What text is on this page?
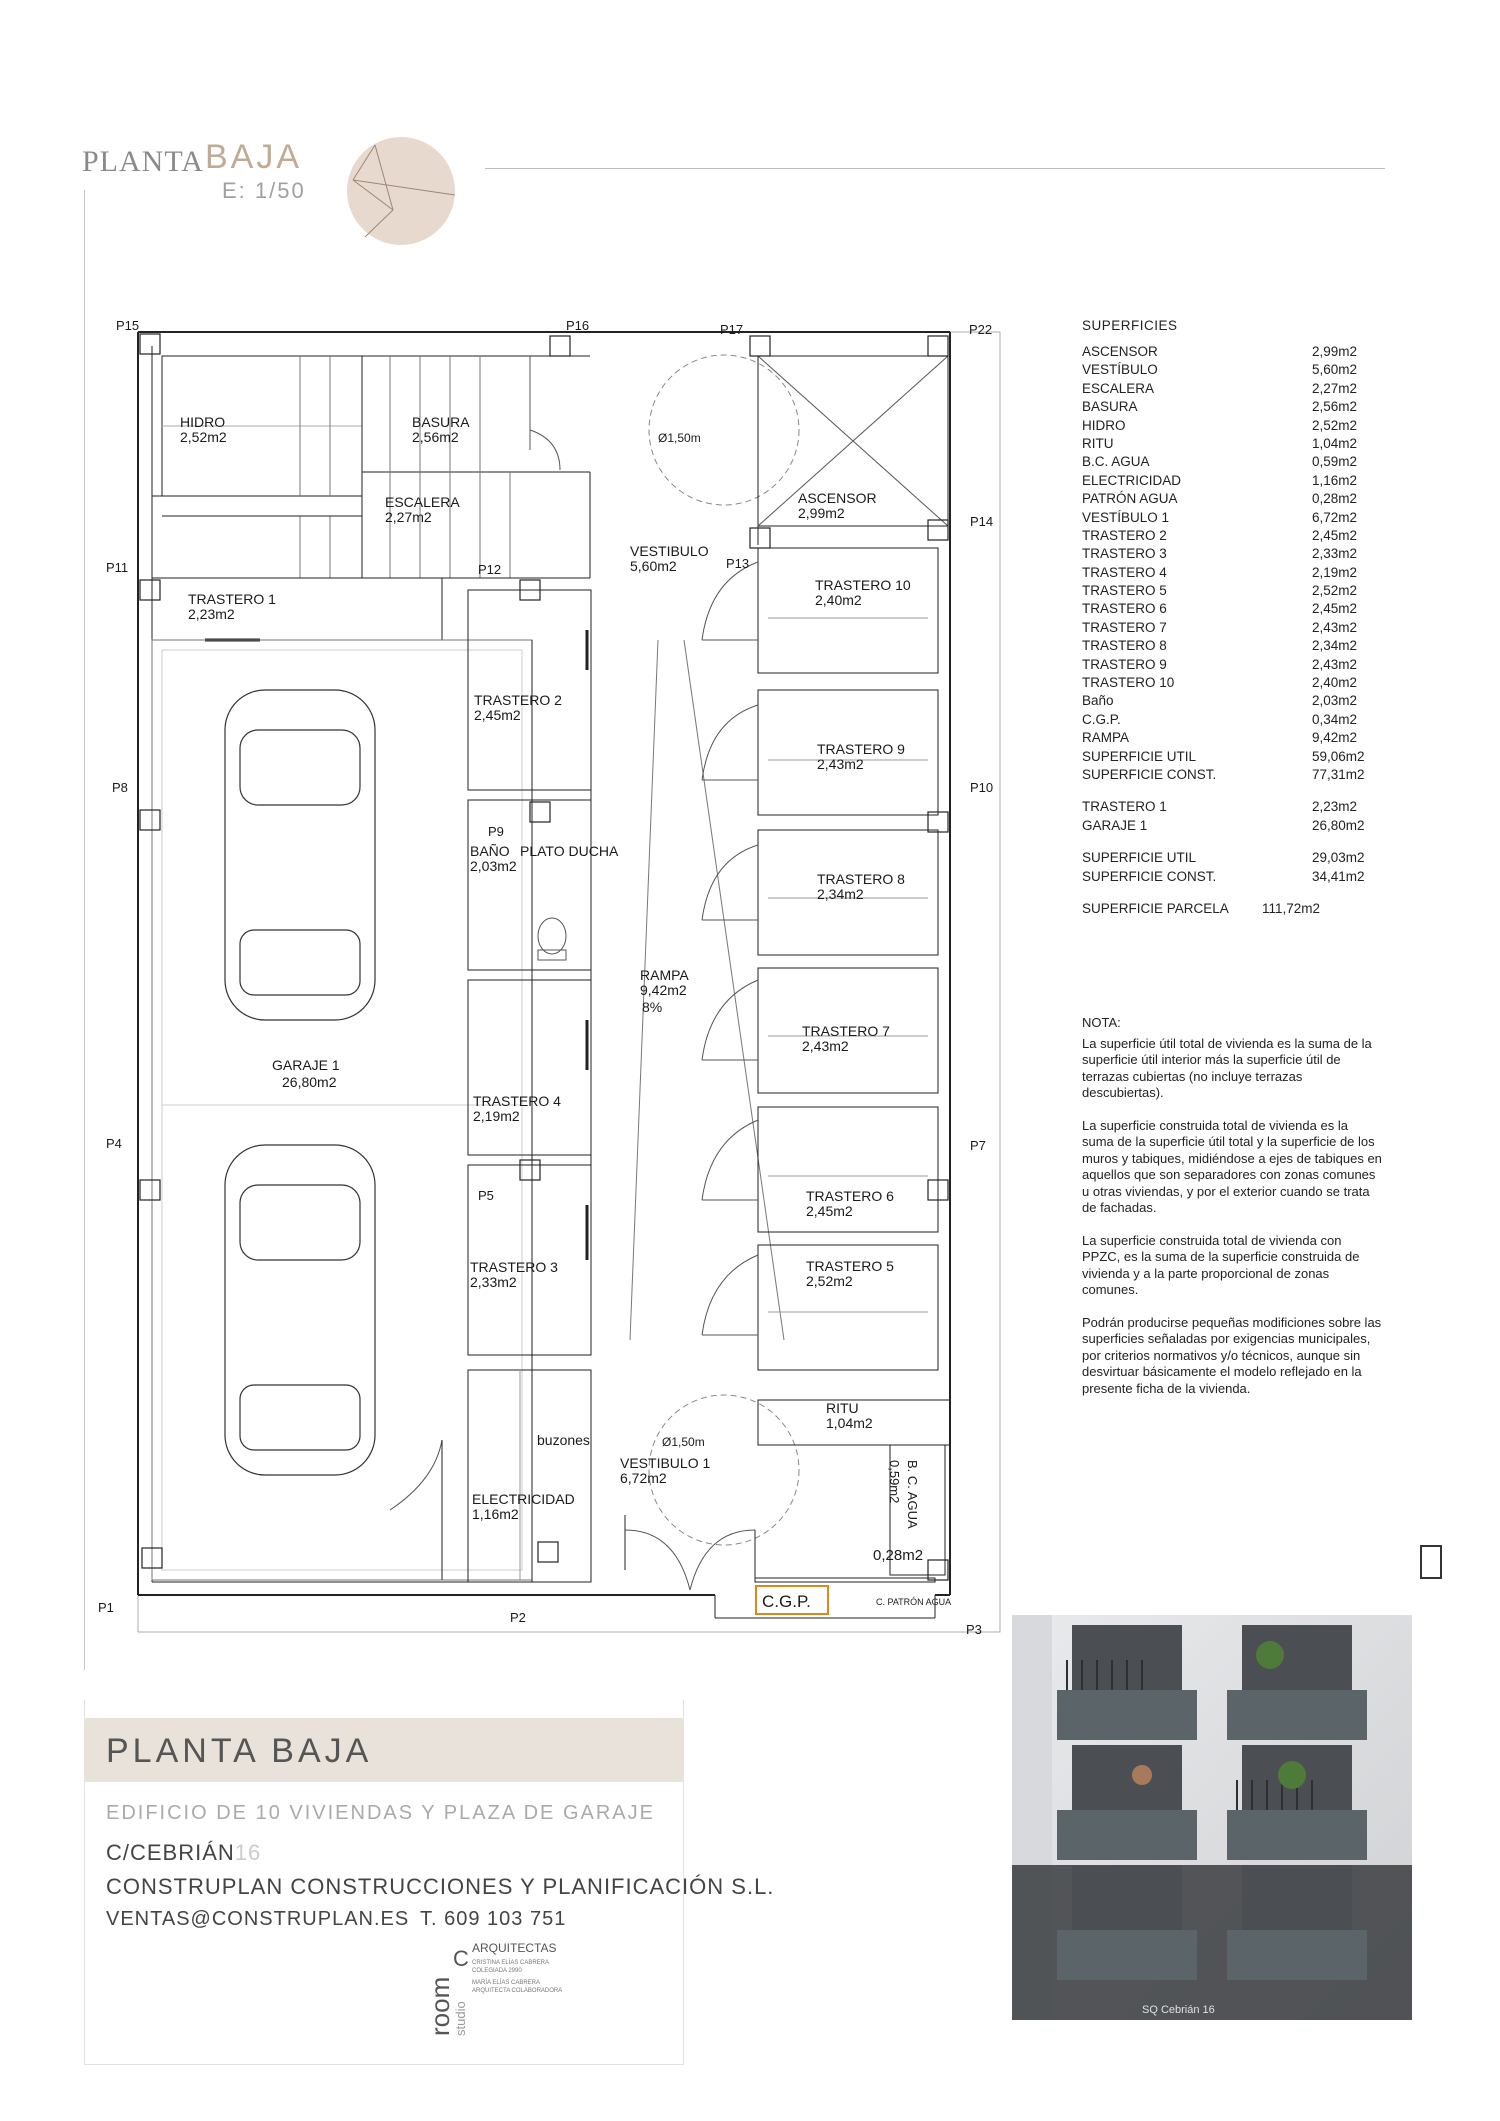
PLANTA BAJA
E: 1/50
P15	P16	P17	P22
P11	P12	P13
P14
P8	P10
P9
P4	P7
P5
P1
P2
P3
HIDRO
2,52m2
BASURA
2,56m2
ESCALERA
2,27m2
ASCENSOR
2,99m2
VESTIBULO
5,60m2
TRASTERO 1
2,23m2
TRASTERO 2
2,45m2
TRASTERO 10
2,40m2
TRASTERO 9
2,43m2
TRASTERO 8
2,34m2
TRASTERO 7
2,43m2
TRASTERO 6
2,45m2
TRASTERO 5
2,52m2
BAÑO
2,03m2
PLATO DUCHA
RAMPA
9,42m2
8%
TRASTERO 4
2,19m2
TRASTERO 3
2,33m2
GARAJE 1
26,80m2
ELECTRICIDAD
1,16m2
buzones
VESTIBULO 1
6,72m2
RITU
1,04m2
0,28m2
C. PATRÓN AGUA
Ø1,50m
Ø1,50m
C.G.P.
B. C. AGUA
0,59m2
SUPERFICIES
ASCENSOR	2,99m2
VESTÍBULO	5,60m2
ESCALERA	2,27m2
BASURA	2,56m2
HIDRO	2,52m2
RITU	1,04m2
B.C. AGUA	0,59m2
ELECTRICIDAD	1,16m2
PATRÓN AGUA	0,28m2
VESTÍBULO 1	6,72m2
TRASTERO 2	2,45m2
TRASTERO 3	2,33m2
TRASTERO 4	2,19m2
TRASTERO 5	2,52m2
TRASTERO 6	2,45m2
TRASTERO 7	2,43m2
TRASTERO 8	2,34m2
TRASTERO 9	2,43m2
TRASTERO 10	2,40m2
Baño	2,03m2
C.G.P.	0,34m2
RAMPA	9,42m2
SUPERFICIE UTIL	59,06m2
SUPERFICIE CONST.	77,31m2
TRASTERO 1	2,23m2
GARAJE 1	26,80m2
SUPERFICIE UTIL	29,03m2
SUPERFICIE CONST.	34,41m2
SUPERFICIE PARCELA	111,72m2
NOTA:

La superficie útil total de vivienda es la suma de la superficie útil interior más la superficie útil de terrazas cubiertas (no incluye terrazas descubiertas).

La superficie construida total de vivienda es la suma de la superficie útil total y la superficie de los muros y tabiques, midiéndose a ejes de tabiques en aquellos que son separadores con zonas comunes u otras viviendas, y por el exterior cuando se trata de fachadas.

La superficie construida total de vivienda con PPZC, es la suma de la superficie construida de vivienda y a la parte proporcional de zonas comunes.

Podrán producirse pequeñas modificiones sobre las superficies señaladas por exigencias municipales, por criterios normativos y/o técnicos, aunque sin desvirtuar básicamente el modelo reflejado en la presente ficha de la vivienda.

PLANTA BAJA
EDIFICIO DE 10 VIVIENDAS Y PLAZA DE GARAJE
C/CEBRIÁN16
CONSTRUPLAN CONSTRUCCIONES Y PLANIFICACIÓN S.L.
VENTAS@CONSTRUPLAN.ES T. 609 103 751
room
studio
C ARQUITECTAS
CRISTINA ELÍAS CABRERA
COLEGIADA 2990
MARÍA ELÍAS CABRERA
ARQUITECTA COLABORADORA
SQ Cebrián 16
